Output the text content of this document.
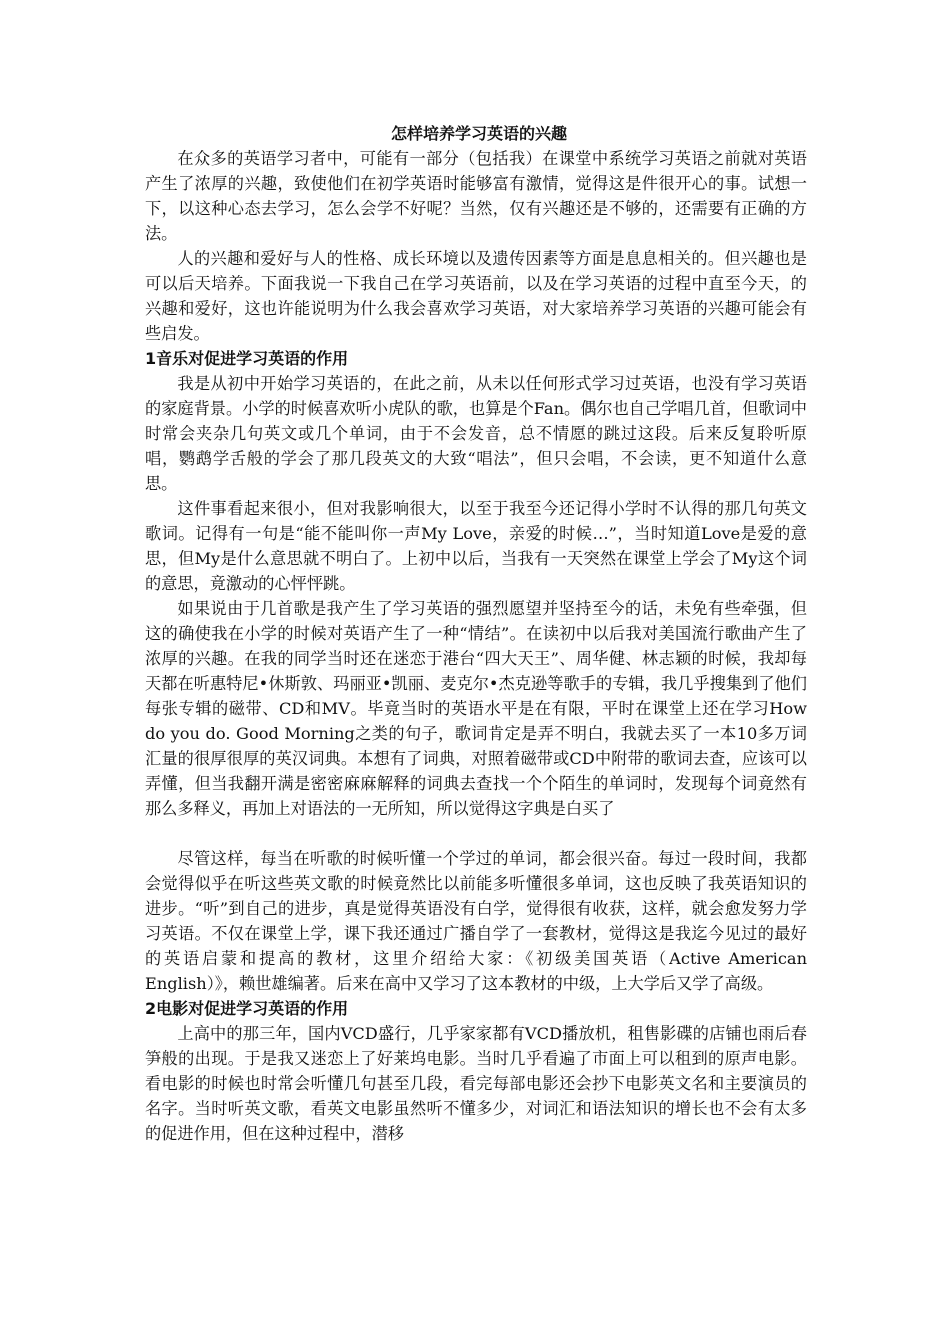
怎样培养学习英语的兴趣

在众多的英语学习者中，可能有一部分（包括我）在课堂中系统学习英语之前就对英语产生了浓厚的兴趣，致使他们在初学英语时能够富有激情，觉得这是件很开心的事。试想一下，以这种心态去学习，怎么会学不好呢？当然，仅有兴趣还是不够的，还需要有正确的方法。

人的兴趣和爱好与人的性格、成长环境以及遗传因素等方面是息息相关的。但兴趣也是可以后天培养。下面我说一下我自己在学习英语前，以及在学习英语的过程中直至今天，的兴趣和爱好，这也许能说明为什么我会喜欢学习英语，对大家培养学习英语的兴趣可能会有些启发。

1音乐对促进学习英语的作用

我是从初中开始学习英语的，在此之前，从未以任何形式学习过英语，也没有学习英语的家庭背景。小学的时候喜欢听小虎队的歌，也算是个Fan。偶尔也自己学唱几首，但歌词中时常会夹杂几句英文或几个单词，由于不会发音，总不情愿的跳过这段。后来反复聆听原唱，鹦鹉学舌般的学会了那几段英文的大致“唱法”，但只会唱，不会读，更不知道什么意思。

这件事看起来很小，但对我影响很大，以至于我至今还记得小学时不认得的那几句英文歌词。记得有一句是“能不能叫你一声My Love，亲爱的时候…”，当时知道Love是爱的意思，但My是什么意思就不明白了。上初中以后，当我有一天突然在课堂上学会了My这个词的意思，竟激动的心怦怦跳。

如果说由于几首歌是我产生了学习英语的强烈愿望并坚持至今的话，未免有些牵强，但这的确使我在小学的时候对英语产生了一种“情结”。在读初中以后我对美国流行歌曲产生了浓厚的兴趣。在我的同学当时还在迷恋于港台“四大天王”、周华健、林志颖的时候，我却每天都在听惠特尼•休斯敦、玛丽亚•凯丽、麦克尔•杰克逊等歌手的专辑，我几乎搜集到了他们每张专辑的磁带、CD和MV。毕竟当时的英语水平是在有限，平时在课堂上还在学习How do you do. Good Morning之类的句子，歌词肯定是弄不明白，我就去买了一本10多万词汇量的很厚很厚的英汉词典。本想有了词典，对照着磁带或CD中附带的歌词去查，应该可以弄懂，但当我翻开满是密密麻麻解释的词典去查找一个个陌生的单词时，发现每个词竟然有那么多释义，再加上对语法的一无所知，所以觉得这字典是白买了

尽管这样，每当在听歌的时候听懂一个学过的单词，都会很兴奋。每过一段时间，我都会觉得似乎在听这些英文歌的时候竟然比以前能多听懂很多单词，这也反映了我英语知识的进步。“听”到自己的进步，真是觉得英语没有白学，觉得很有收获，这样，就会愈发努力学习英语。不仅在课堂上学，课下我还通过广播自学了一套教材，觉得这是我迄今见过的最好的英语启蒙和提高的教材，这里介绍给大家：《初级美国英语（Active American English）》，赖世雄编著。后来在高中又学习了这本教材的中级，上大学后又学了高级。

2电影对促进学习英语的作用

上高中的那三年，国内VCD盛行，几乎家家都有VCD播放机，租售影碟的店铺也雨后春笋般的出现。于是我又迷恋上了好莱坞电影。当时几乎看遍了市面上可以租到的原声电影。看电影的时候也时常会听懂几句甚至几段，看完每部电影还会抄下电影英文名和主要演员的名字。当时听英文歌，看英文电影虽然听不懂多少，对词汇和语法知识的增长也不会有太多的促进作用，但在这种过程中，潜移
